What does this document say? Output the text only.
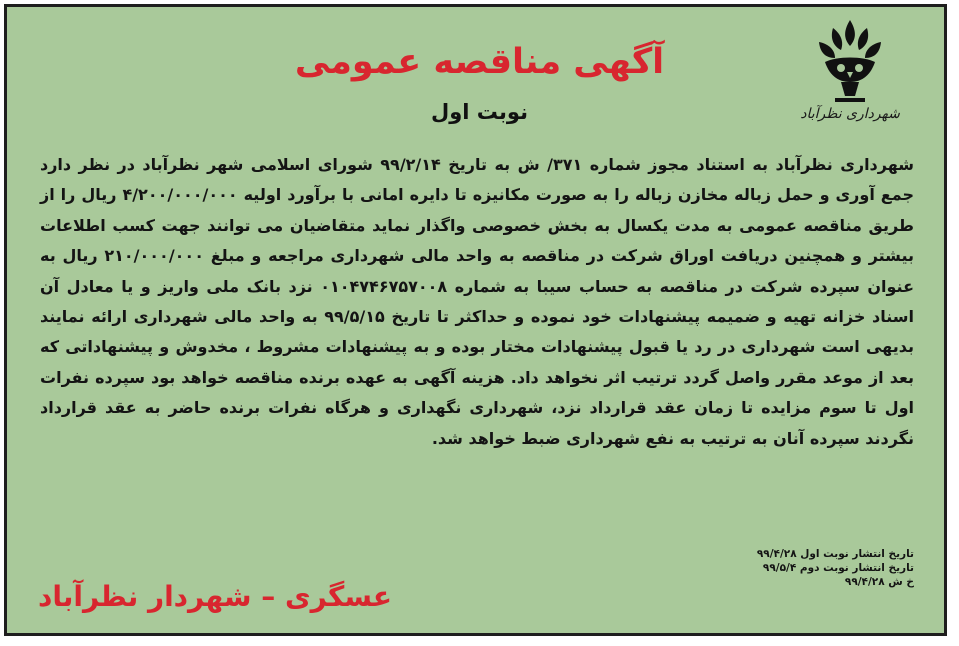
شهرداری نظرآباد
آگهی مناقصه عمومی
نوبت اول
شهرداری نظرآباد به استناد مجوز شماره ۳۷۱/ ش به تاریخ ۹۹/۲/۱۴ شورای اسلامی شهر نظرآباد در نظر دارد جمع آوری و حمل زباله مخازن زباله را به صورت مکانیزه تا دایره امانی با برآورد اولیه ۴/۲۰۰/۰۰۰/۰۰۰ ریال را از طریق مناقصه عمومی به مدت یکسال به بخش خصوصی واگذار نماید متقاضیان می توانند جهت کسب اطلاعات بیشتر و همچنین دریافت اوراق شرکت در مناقصه به واحد مالی شهرداری مراجعه و مبلغ ۲۱۰/۰۰۰/۰۰۰ ریال به عنوان سپرده شرکت در مناقصه به حساب سیبا به شماره ۰۱۰۴۷۴۶۷۵۷۰۰۸ نزد بانک ملی واریز و یا معادل آن اسناد خزانه تهیه و ضمیمه پیشنهادات خود نموده و حداکثر تا تاریخ ۹۹/۵/۱۵ به واحد مالی شهرداری ارائه نمایند بدیهی است شهرداری در رد یا قبول پیشنهادات مختار بوده و به پیشنهادات مشروط ، مخدوش و پیشنهاداتی که بعد از موعد مقرر واصل گردد ترتیب اثر نخواهد داد. هزینه آگهی به عهده برنده مناقصه خواهد بود سپرده نفرات اول تا سوم مزایده تا زمان عقد قرارداد نزد، شهرداری نگهداری و هرگاه نفرات برنده حاضر به عقد قرارداد نگردند سپرده آنان به ترتیب به نفع شهرداری ضبط خواهد شد.
تاریخ انتشار نوبت اول ۹۹/۴/۲۸
تاریخ انتشار نوبت دوم ۹۹/۵/۴
خ ش ۹۹/۴/۲۸
عسگری – شهردار نظرآباد
